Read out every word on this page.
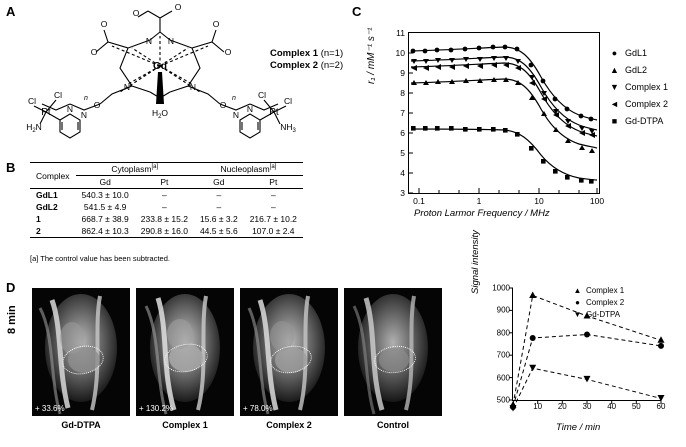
A
Gd
O
O
O
O
O
O
N N
N	N
O	O
N	N
N	N
$H_2O$
Pt	Pt
Cl
Cl
Cl
Cl
$H_2N$	$NH_3$
n	n
Complex 1 (n=1)
Complex 2 (n=2)
B
Complex	Cytoplasm[a]		Nucleoplasm[a]
	Gd	Pt	Gd	Pt
GdL1	540.3 ± 10.0	–	–	–
GdL2	541.5 ± 4.9	–	–	–
1	668.7 ± 38.9	233.8 ± 15.2	15.6 ± 3.2	216.7 ± 10.2
2	862.4 ± 10.3	290.8 ± 16.0	44.5 ± 5.6	107.0 ± 2.4
[a] The control value has been subtracted.
C
r₁ / mM⁻¹ s⁻¹
Proton Larmor Frequency / MHz
3
4
5
6
7
8
9
10
11
0.1	1	10	100
● GdL1
▲ GdL2
▼ Complex 1
◄ Complex 2
■ Gd-DTPA
D
8 min
+ 33.6%
Gd-DTPA
+ 130.2%
Complex 1
+ 78.0%
Complex 2	Control
Signal intensity
Time / min
500
600
700
800
900
1000
0 10 20 30 40 50 60
▲ Complex 1
● Complex 2
▼ Gd-DTPA
